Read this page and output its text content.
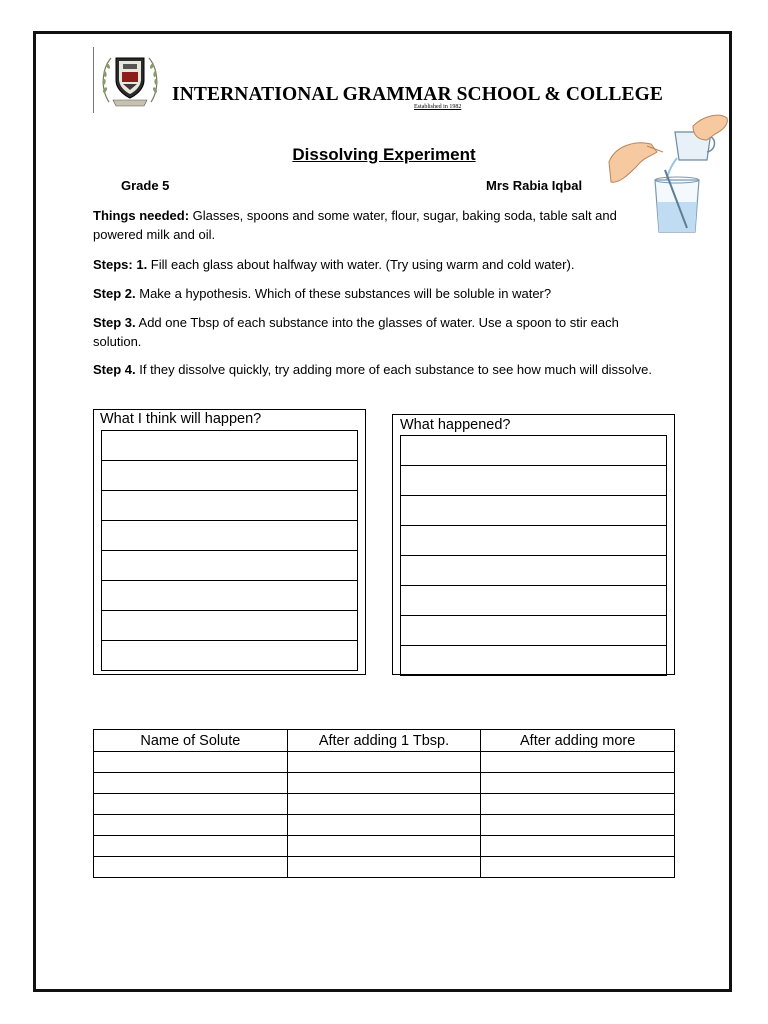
INTERNATIONAL GRAMMAR SCHOOL & COLLEGE
Established in 1982
Dissolving Experiment
Grade 5	Mrs Rabia Iqbal
Things needed: Glasses, spoons and some water, flour, sugar, baking soda, table salt and powered milk and oil.
Steps: 1. Fill each glass about halfway with water. (Try using warm and cold water).
Step 2. Make a hypothesis. Which of these substances will be soluble in water?
Step 3. Add one Tbsp of each substance into the glasses of water. Use a spoon to stir each solution.
Step 4. If they dissolve quickly, try adding more of each substance to see how much will dissolve.
What I think will happen?	What happened?
Name of Solute	After adding 1 Tbsp.	After adding more
